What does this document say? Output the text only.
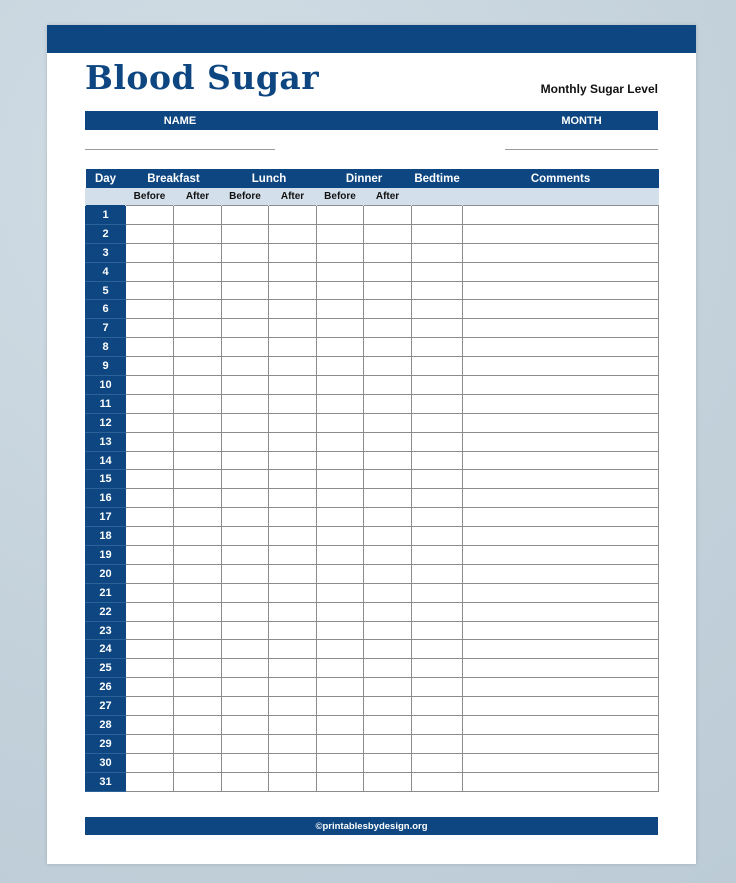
Blood Sugar	Monthly Sugar Level
NAME	MONTH
Day	Breakfast		Lunch		Dinner		Bedtime	Comments
	Before	After	Before	After	Before	After		
1								
2								
3								
4								
5								
6								
7								
8								
9								
10								
11								
12								
13								
14								
15								
16								
17								
18								
19								
20								
21								
22								
23								
24								
25								
26								
27								
28								
29								
30								
31								
©printablesbydesign.org
